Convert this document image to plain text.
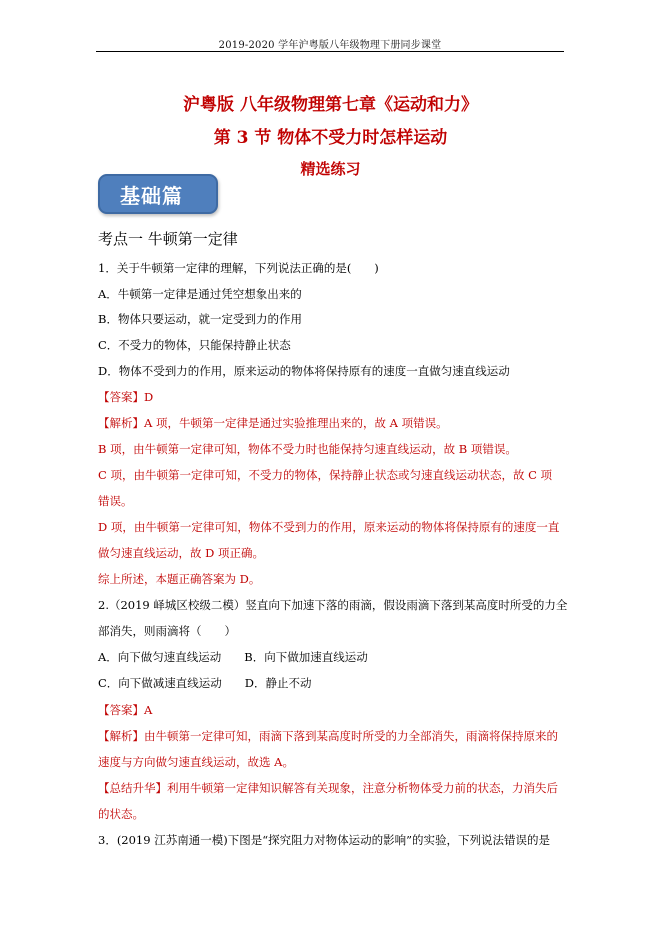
2019-2020 学年沪粤版八年级物理下册同步课堂
沪粤版 八年级物理第七章《运动和力》
第 3 节 物体不受力时怎样运动
精选练习
基础篇
考点一 牛顿第一定律
1．关于牛顿第一定律的理解，下列说法正确的是(　　)
A．牛顿第一定律是通过凭空想象出来的
B．物体只要运动，就一定受到力的作用
C．不受力的物体，只能保持静止状态
D．物体不受到力的作用，原来运动的物体将保持原有的速度一直做匀速直线运动
【答案】D
【解析】A 项，牛顿第一定律是通过实验推理出来的，故 A 项错误。
B 项，由牛顿第一定律可知，物体不受力时也能保持匀速直线运动，故 B 项错误。
C 项，由牛顿第一定律可知，不受力的物体，保持静止状态或匀速直线运动状态，故 C 项
错误。
D 项，由牛顿第一定律可知，物体不受到力的作用，原来运动的物体将保持原有的速度一直
做匀速直线运动，故 D 项正确。
综上所述，本题正确答案为 D。
2.（2019 峄城区校级二模）竖直向下加速下落的雨滴，假设雨滴下落到某高度时所受的力全
部消失，则雨滴将（　　）
A．向下做匀速直线运动　　B．向下做加速直线运动
C．向下做减速直线运动　　D．静止不动
【答案】A
【解析】由牛顿第一定律可知，雨滴下落到某高度时所受的力全部消失，雨滴将保持原来的
速度与方向做匀速直线运动，故选 A。
【总结升华】利用牛顿第一定律知识解答有关现象，注意分析物体受力前的状态，力消失后
的状态。
3．(2019 江苏南通一模)下图是“探究阻力对物体运动的影响”的实验，下列说法错误的是
